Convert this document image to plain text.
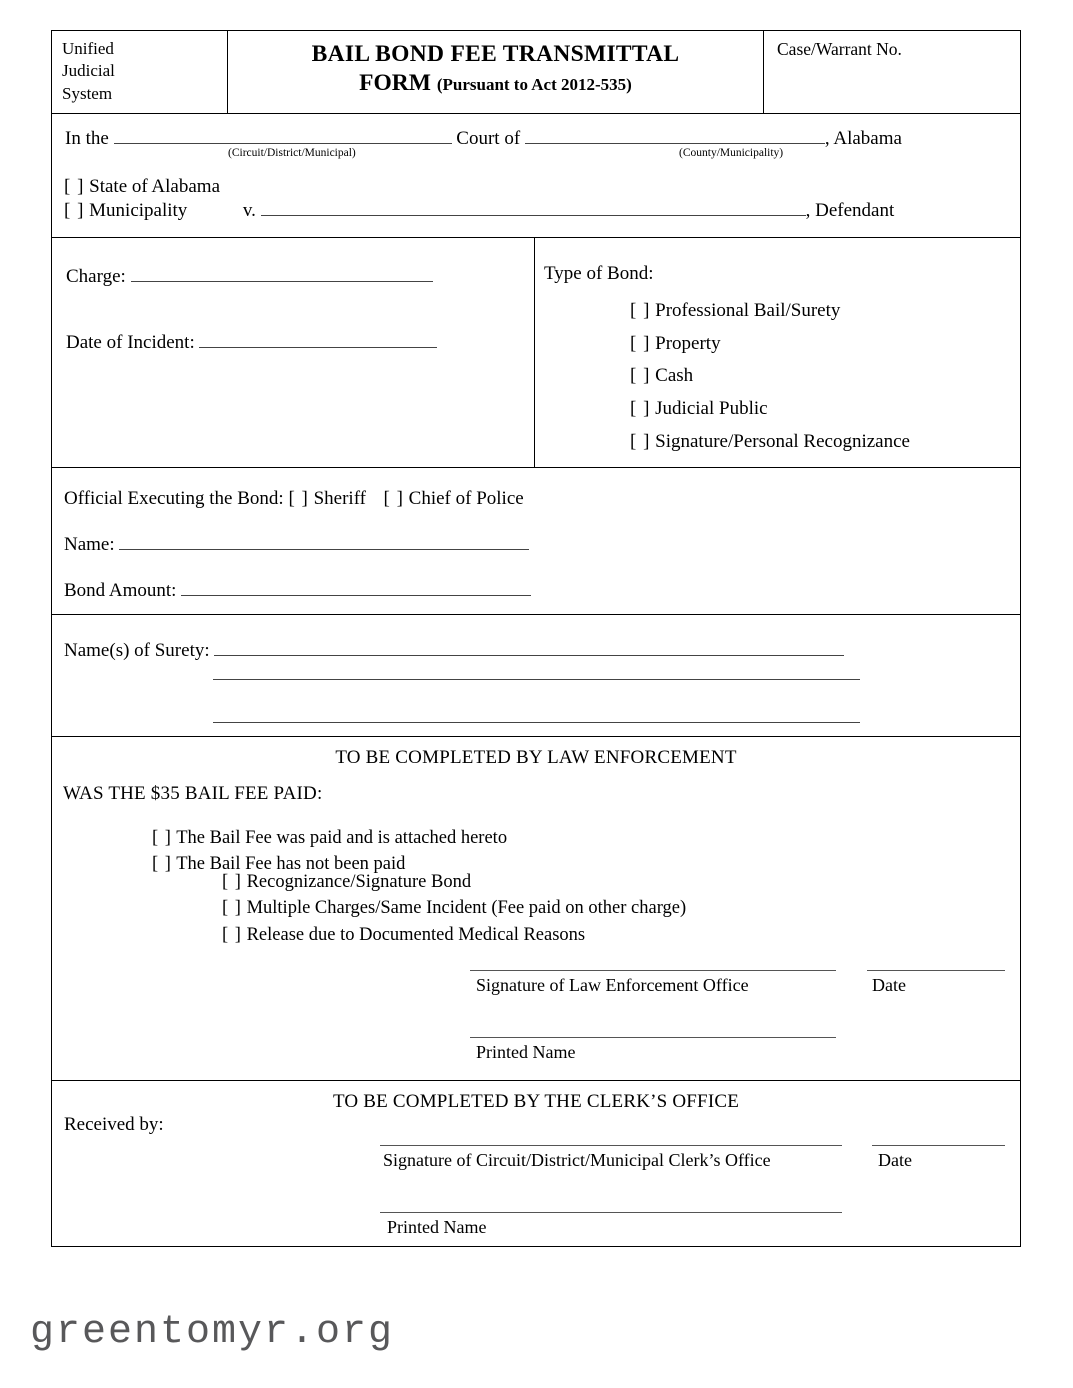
Unified
Judicial
System
BAIL BOND FEE TRANSMITTAL
FORM (Pursuant to Act 2012-535)
Case/Warrant No.
In the	Court of	, Alabama
(Circuit/District/Municipal)	(County/Municipality)
[ ] State of Alabama
[ ] Municipality	v.	, Defendant
Charge:
Date of Incident:
Type of Bond:
[ ] Professional Bail/Surety
[ ] Property
[ ] Cash
[ ] Judicial Public
[ ] Signature/Personal Recognizance
Official Executing the Bond: [ ] Sheriff [ ] Chief of Police
Name:
Bond Amount:
Name(s) of Surety:
TO BE COMPLETED BY LAW ENFORCEMENT
WAS THE $35 BAIL FEE PAID:
[ ] The Bail Fee was paid and is attached hereto
[ ] The Bail Fee has not been paid
[ ] Recognizance/Signature Bond
[ ] Multiple Charges/Same Incident (Fee paid on other charge)
[ ] Release due to Documented Medical Reasons
Signature of Law Enforcement Office	Date
Printed Name
TO BE COMPLETED BY THE CLERK’S OFFICE
Received by:
Signature of Circuit/District/Municipal Clerk’s Office	Date
Printed Name
greentomyr.org
